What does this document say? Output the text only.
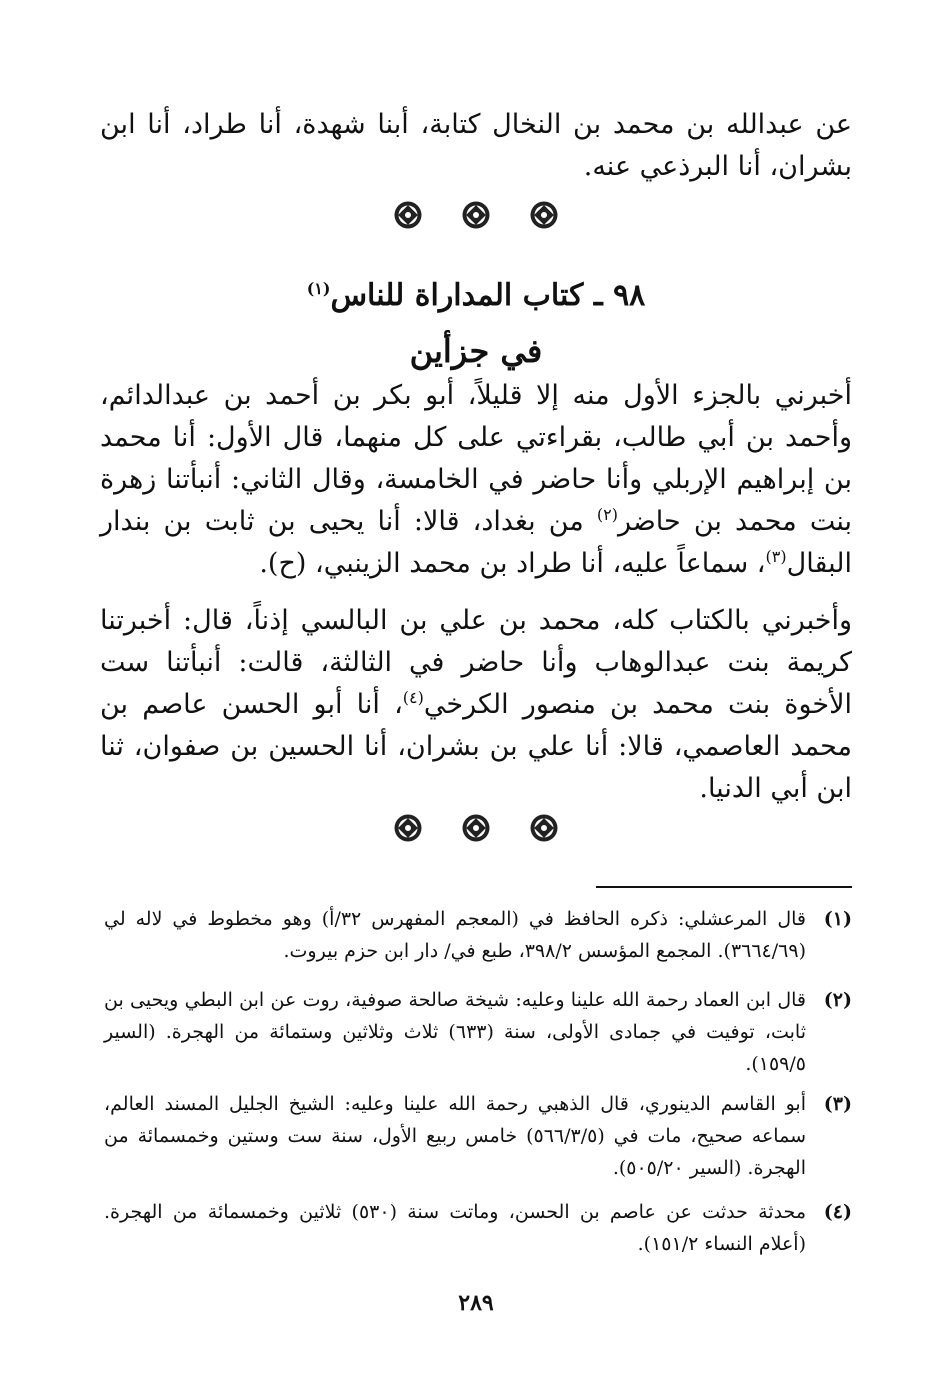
عن عبدالله بن محمد بن النخال كتابة، أبنا شهدة، أنا طراد، أنا ابن بشران، أنا البرذعي عنه.

٩٨ ـ كتاب المداراة للناس$^{(١)}$
في جزأين

أخبرني بالجزء الأول منه إلا قليلاً، أبو بكر بن أحمد بن عبدالدائم، وأحمد بن أبي طالب، بقراءتي على كل منهما، قال الأول: أنا محمد بن إبراهيم الإربلي وأنا حاضر في الخامسة، وقال الثاني: أنبأتنا زهرة بنت محمد بن حاضر$^{(٢)}$ من بغداد، قالا: أنا يحيى بن ثابت بن بندار البقال$^{(٣)}$، سماعاً عليه، أنا طراد بن محمد الزينبي، (ح).

وأخبرني بالكتاب كله، محمد بن علي بن البالسي إذناً، قال: أخبرتنا كريمة بنت عبدالوهاب وأنا حاضر في الثالثة، قالت: أنبأتنا ست الأخوة بنت محمد بن منصور الكرخي$^{(٤)}$، أنا أبو الحسن عاصم بن محمد العاصمي، قالا: أنا علي بن بشران، أنا الحسين بن صفوان، ثنا ابن أبي الدنيا.

(١)
قال المرعشلي: ذكره الحافظ في (المعجم المفهرس ٣٢/أ) وهو مخطوط في لاله لي (٣٦٦٤/٦٩). المجمع المؤسس ٣٩٨/٢، طبع في/ دار ابن حزم بيروت.
(٢)
قال ابن العماد رحمة الله علينا وعليه: شيخة صالحة صوفية، روت عن ابن البطي ويحيى بن ثابت، توفيت في جمادى الأولى، سنة (٦٣٣) ثلاث وثلاثين وستمائة من الهجرة. (السير ١٥٩/٥).
(٣)
أبو القاسم الدينوري، قال الذهبي رحمة الله علينا وعليه: الشيخ الجليل المسند العالم، سماعه صحيح، مات في (٥٦٦/٣/٥) خامس ربيع الأول، سنة ست وستين وخمسمائة من الهجرة. (السير ٥٠٥/٢٠).
(٤)
محدثة حدثت عن عاصم بن الحسن، وماتت سنة (٥٣٠) ثلاثين وخمسمائة من الهجرة. (أعلام النساء ١٥١/٢).
٢٨٩
